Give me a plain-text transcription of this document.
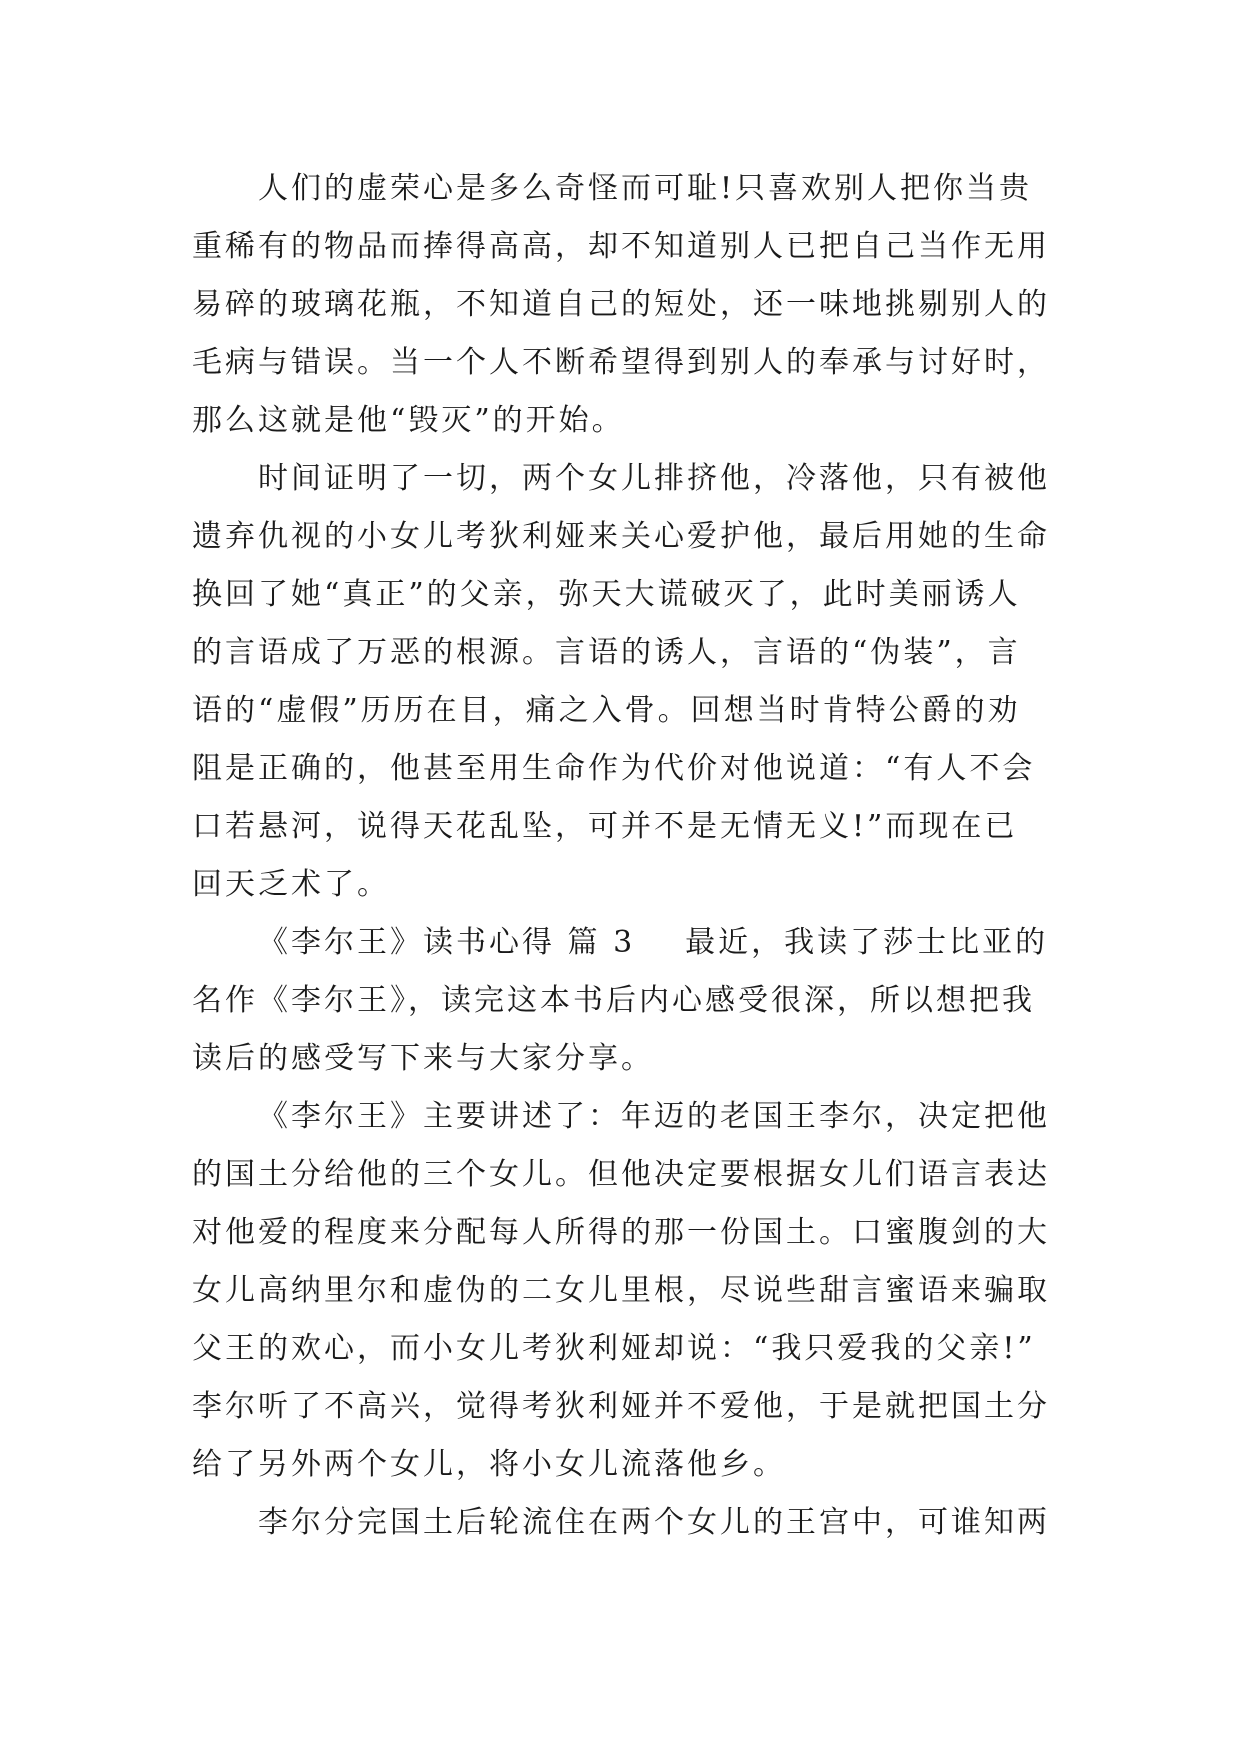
人们的虚荣心是多么奇怪而可耻!只喜欢别人把你当贵
重稀有的物品而捧得高高，却不知道别人已把自己当作无用
易碎的玻璃花瓶，不知道自己的短处，还一味地挑剔别人的
毛病与错误。当一个人不断希望得到别人的奉承与讨好时，
那么这就是他“毁灭”的开始。
时间证明了一切，两个女儿排挤他，冷落他，只有被他
遗弃仇视的小女儿考狄利娅来关心爱护他，最后用她的生命
换回了她“真正”的父亲，弥天大谎破灭了，此时美丽诱人
的言语成了万恶的根源。言语的诱人，言语的“伪装”，言
语的“虚假”历历在目，痛之入骨。回想当时肯特公爵的劝
阻是正确的，他甚至用生命作为代价对他说道：“有人不会
口若悬河，说得天花乱坠，可并不是无情无义!”而现在已
回天乏术了。
《李尔王》读书心得 篇 3 最近，我读了莎士比亚的
名作《李尔王》，读完这本书后内心感受很深，所以想把我
读后的感受写下来与大家分享。
《李尔王》主要讲述了：年迈的老国王李尔，决定把他
的国土分给他的三个女儿。但他决定要根据女儿们语言表达
对他爱的程度来分配每人所得的那一份国土。口蜜腹剑的大
女儿高纳里尔和虚伪的二女儿里根，尽说些甜言蜜语来骗取
父王的欢心，而小女儿考狄利娅却说：“我只爱我的父亲!”
李尔听了不高兴，觉得考狄利娅并不爱他，于是就把国土分
给了另外两个女儿，将小女儿流落他乡。
李尔分完国土后轮流住在两个女儿的王宫中，可谁知两
